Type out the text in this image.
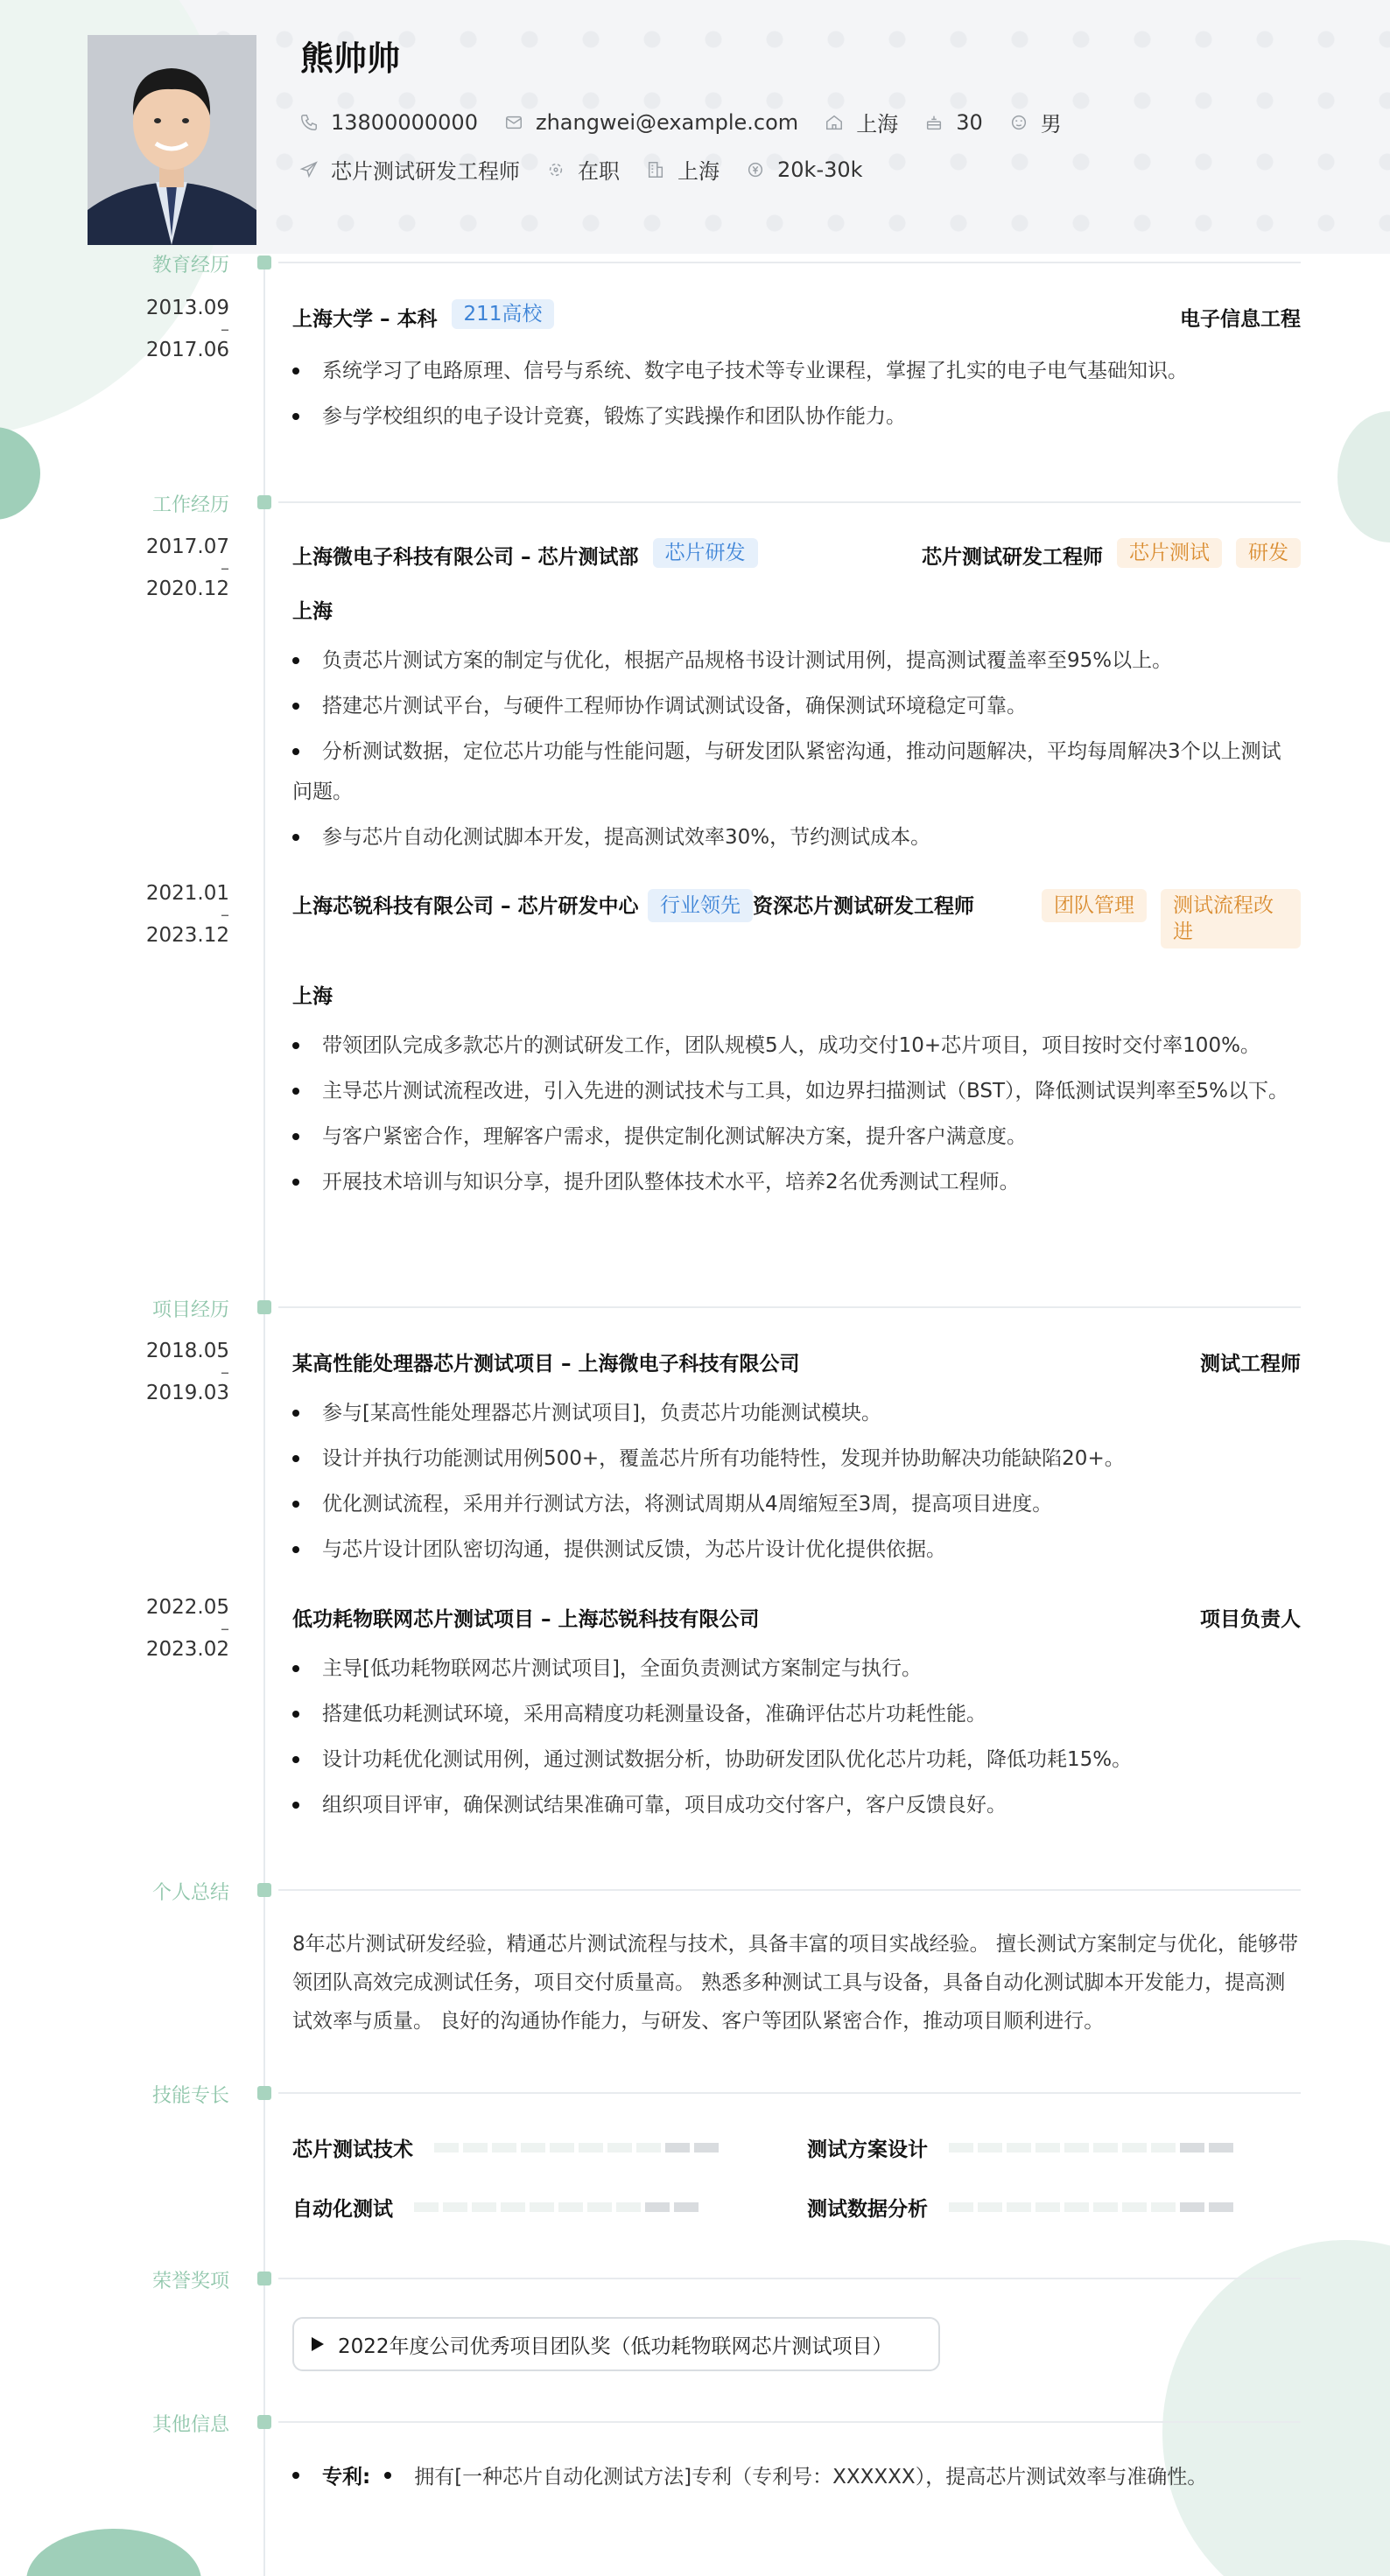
熊帅帅
13800000000	zhangwei@example.com	上海	30	男
芯片测试研发工程师	在职	上海	20k-30k
教育经历
2013.09
–
2017.06
上海大学 – 本科	211高校	电子信息工程
系统学习了电路原理、信号与系统、数字电子技术等专业课程，掌握了扎实的电子电气基础知识。
参与学校组织的电子设计竞赛，锻炼了实践操作和团队协作能力。
工作经历
2017.07
–
2020.12
上海微电子科技有限公司 – 芯片测试部	芯片研发	芯片测试研发工程师	芯片测试	研发
上海
负责芯片测试方案的制定与优化，根据产品规格书设计测试用例，提高测试覆盖率至95%以上。
搭建芯片测试平台，与硬件工程师协作调试测试设备，确保测试环境稳定可靠。
分析测试数据，定位芯片功能与性能问题，与研发团队紧密沟通，推动问题解决，平均每周解决3个以上测试问题。
参与芯片自动化测试脚本开发，提高测试效率30%，节约测试成本。
2021.01
–
2023.12
上海芯锐科技有限公司 – 芯片研发中心	行业领先 资深芯片测试研发工程师	团队管理	测试流程改进
上海
带领团队完成多款芯片的测试研发工作，团队规模5人，成功交付10+芯片项目，项目按时交付率100%。
主导芯片测试流程改进，引入先进的测试技术与工具，如边界扫描测试（BST），降低测试误判率至5%以下。
与客户紧密合作，理解客户需求，提供定制化测试解决方案，提升客户满意度。
开展技术培训与知识分享，提升团队整体技术水平，培养2名优秀测试工程师。
项目经历
2018.05
–
2019.03
某高性能处理器芯片测试项目 – 上海微电子科技有限公司	测试工程师
参与[某高性能处理器芯片测试项目]，负责芯片功能测试模块。
设计并执行功能测试用例500+，覆盖芯片所有功能特性，发现并协助解决功能缺陷20+。
优化测试流程，采用并行测试方法，将测试周期从4周缩短至3周，提高项目进度。
与芯片设计团队密切沟通，提供测试反馈，为芯片设计优化提供依据。
2022.05
–
2023.02
低功耗物联网芯片测试项目 – 上海芯锐科技有限公司	项目负责人
主导[低功耗物联网芯片测试项目]，全面负责测试方案制定与执行。
搭建低功耗测试环境，采用高精度功耗测量设备，准确评估芯片功耗性能。
设计功耗优化测试用例，通过测试数据分析，协助研发团队优化芯片功耗，降低功耗15%。
组织项目评审，确保测试结果准确可靠，项目成功交付客户，客户反馈良好。
个人总结
8年芯片测试研发经验，精通芯片测试流程与技术，具备丰富的项目实战经验。 擅长测试方案制定与优化，能够带领团队高效完成测试任务，项目交付质量高。 熟悉多种测试工具与设备，具备自动化测试脚本开发能力，提高测试效率与质量。 良好的沟通协作能力，与研发、客户等团队紧密合作，推动项目顺利进行。
技能专长
芯片测试技术	测试方案设计
自动化测试	测试数据分析
荣誉奖项
2022年度公司优秀项目团队奖（低功耗物联网芯片测试项目）
其他信息
专利: 拥有[一种芯片自动化测试方法]专利（专利号：XXXXXX），提高芯片测试效率与准确性。
